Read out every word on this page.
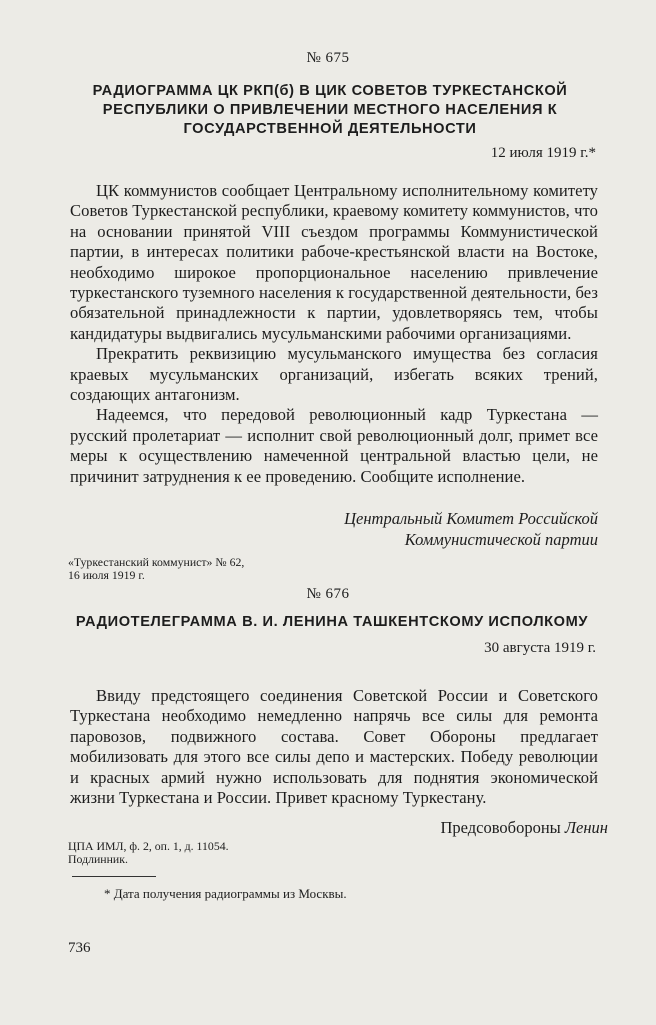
№ 675
РАДИОГРАММА ЦК РКП(б) В ЦИК СОВЕТОВ ТУРКЕСТАНСКОЙ РЕСПУБЛИКИ О ПРИВЛЕЧЕНИИ МЕСТНОГО НАСЕЛЕНИЯ К ГОСУДАРСТВЕННОЙ ДЕЯТЕЛЬНОСТИ
12 июля 1919 г.*

ЦК коммунистов сообщает Центральному исполнительному комитету Советов Туркестанской республики, краевому комитету коммунистов, что на основании принятой VIII съездом программы Коммунистической партии, в интересах политики рабоче-крестьянской власти на Востоке, необходимо широкое пропорциональное населению привлечение туркестанского туземного населения к государственной деятельности, без обязательной принадлежности к партии, удовлетворяясь тем, чтобы кандидатуры выдвигались мусульманскими рабочими организациями.

Прекратить реквизицию мусульманского имущества без согласия краевых мусульманских организаций, избегать всяких трений, создающих антагонизм.

Надеемся, что передовой революционный кадр Туркестана — русский пролетариат — исполнит свой революционный долг, примет все меры к осуществлению намеченной центральной властью цели, не причинит затруднения к ее проведению. Сообщите исполнение.

Центральный Комитет Российской
Коммунистической партии
«Туркестанский коммунист» № 62,
16 июля 1919 г.
№ 676
РАДИОТЕЛЕГРАММА В. И. ЛЕНИНА ТАШКЕНТСКОМУ ИСПОЛКОМУ
30 августа 1919 г.

Ввиду предстоящего соединения Советской России и Советского Туркестана необходимо немедленно напрячь все силы для ремонта паровозов, подвижного состава. Совет Обороны предлагает мобилизовать для этого все силы депо и мастерских. Победу революции и красных армий нужно использовать для поднятия экономической жизни Туркестана и России. Привет красному Туркестану.

Предсовобороны Ленин
ЦПА ИМЛ, ф. 2, оп. 1, д. 11054.
Подлинник.
* Дата получения радиограммы из Москвы.
736
